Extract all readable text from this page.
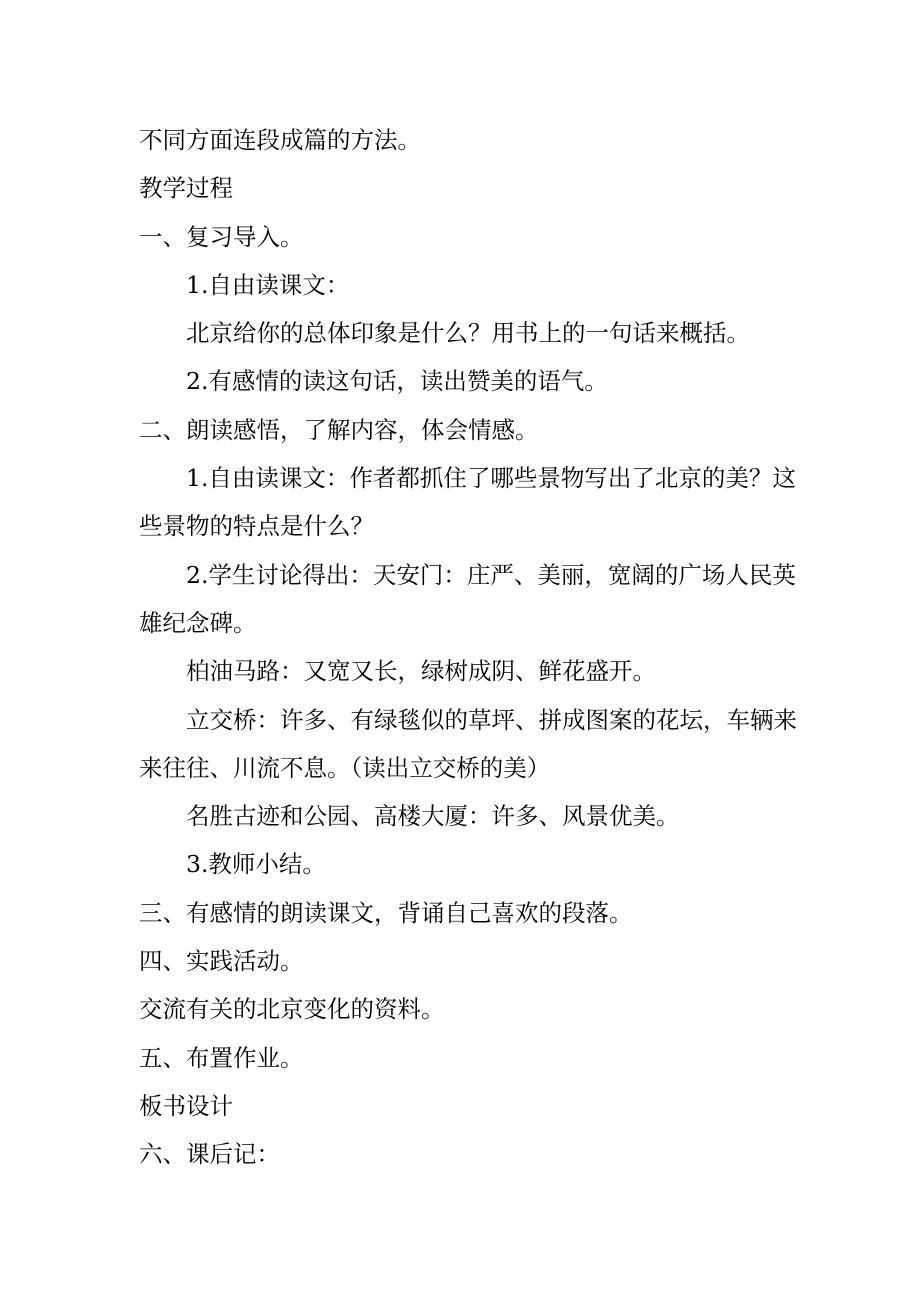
不同方面连段成篇的方法。

教学过程

一、复习导入。

1.自由读课文：

北京给你的总体印象是什么？用书上的一句话来概括。

2.有感情的读这句话，读出赞美的语气。

二、朗读感悟，了解内容，体会情感。

1.自由读课文：作者都抓住了哪些景物写出了北京的美？这

些景物的特点是什么？

2.学生讨论得出：天安门：庄严、美丽，宽阔的广场人民英

雄纪念碑。

柏油马路：又宽又长，绿树成阴、鲜花盛开。

立交桥：许多、有绿毯似的草坪、拼成图案的花坛，车辆来

来往往、川流不息。（读出立交桥的美）

名胜古迹和公园、高楼大厦：许多、风景优美。

3.教师小结。

三、有感情的朗读课文，背诵自己喜欢的段落。

四、实践活动。

交流有关的北京变化的资料。

五、布置作业。

板书设计

六、课后记：
